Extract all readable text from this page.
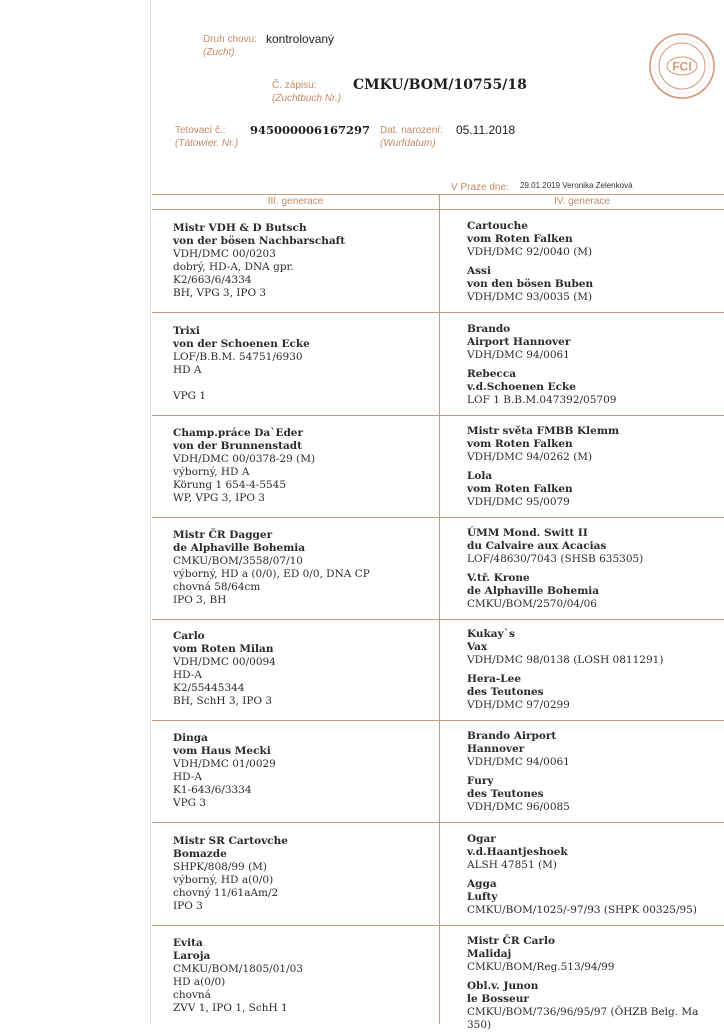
Druh chovu:
(Zucht)
kontrolovaný
Č. zápisu:
(Zuchtbuch Nr.)
CMKU/BOM/10755/18
Tetovací č.:
(Tätowier. Nr.)
945000006167297 Dat. narození:
(Wurfdatum)
05.11.2018
FCI
V Praze dne: 29.01.2019 Veronika Zelenková
III. generace	IV. generace
Mistr VDH & D Butsch
von der bösen Nachbarschaft
VDH/DMC 00/0203
dobrý, HD-A, DNA gpr.
K2/663/6/4334
BH, VPG 3, IPO 3
Cartouche
vom Roten Falken
VDH/DMC 92/0040 (M)
Assi
von den bösen Buben
VDH/DMC 93/0035 (M)
Trixi
von der Schoenen Ecke
LOF/B.B.M. 54751/6930
HD A
VPG 1
Brando
Airport Hannover
VDH/DMC 94/0061
Rebecca
v.d.Schoenen Ecke
LOF 1 B.B.M.047392/05709
Champ.práce Da`Eder
von der Brunnenstadt
VDH/DMC 00/0378-29 (M)
výborný, HD A
Körung 1 654-4-5545
WP, VPG 3, IPO 3
Mistr světa FMBB Klemm
vom Roten Falken
VDH/DMC 94/0262 (M)
Lola
vom Roten Falken
VDH/DMC 95/0079
Mistr ČR Dagger
de Alphaville Bohemia
CMKU/BOM/3558/07/10
výborný, HD a (0/0), ED 0/0, DNA CP
chovná 58/64cm
IPO 3, BH
ÚMM Mond. Switt II
du Calvaire aux Acacias
LOF/48630/7043 (SHSB 635305)
V.tř. Krone
de Alphaville Bohemia
CMKU/BOM/2570/04/06
Carlo
vom Roten Milan
VDH/DMC 00/0094
HD-A
K2/55445344
BH, SchH 3, IPO 3
Kukay`s
Vax
VDH/DMC 98/0138 (LOSH 0811291)
Hera-Lee
des Teutones
VDH/DMC 97/0299
Dinga
vom Haus Mecki
VDH/DMC 01/0029
HD-A
K1-643/6/3334
VPG 3
Brando Airport
Hannover
VDH/DMC 94/0061
Fury
des Teutones
VDH/DMC 96/0085
Mistr SR Cartovche
Bomazde
SHPK/808/99 (M)
výborný, HD a(0/0)
chovný 11/61aAm/2
IPO 3
Ogar
v.d.Haantjeshoek
ALSH 47851 (M)
Agga
Lufty
CMKU/BOM/1025/-97/93 (SHPK 00325/95)
Evita
Laroja
CMKU/BOM/1805/01/03
HD a(0/0)
chovná
ZVV 1, IPO 1, SchH 1
Mistr ČR Carlo
Malidaj
CMKU/BOM/Reg.513/94/99
Obl.v. Junon
le Bosseur
CMKU/BOM/736/96/95/97 (ÖHZB Belg. Ma 350)
